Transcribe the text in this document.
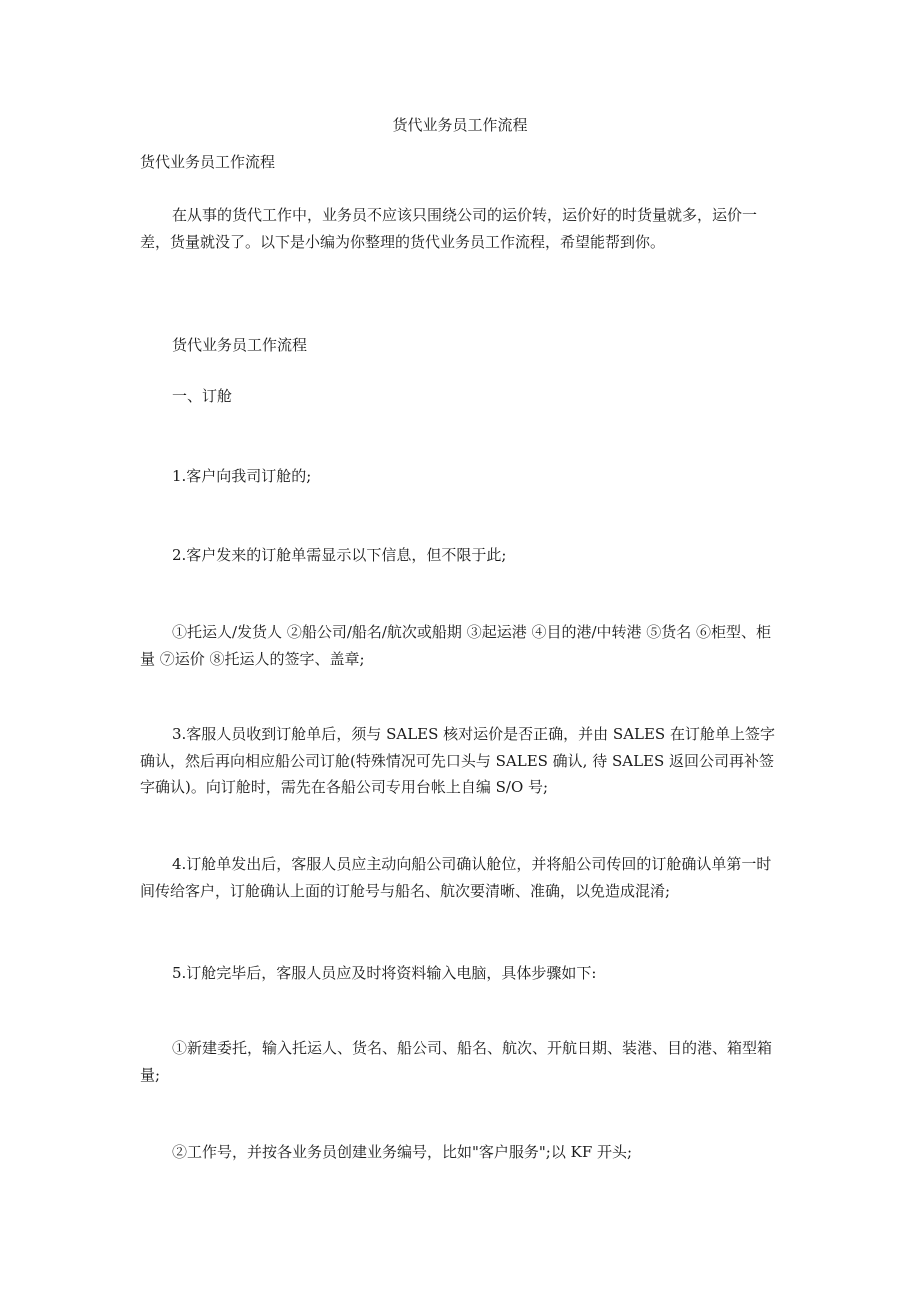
货代业务员工作流程
货代业务员工作流程

在从事的货代工作中，业务员不应该只围绕公司的运价转，运价好的时货量就多，运价一差，货量就没了。以下是小编为你整理的货代业务员工作流程，希望能帮到你。

货代业务员工作流程
一、订舱
1.客户向我司订舱的;
2.客户发来的订舱单需显示以下信息，但不限于此;

①托运人/发货人 ②船公司/船名/航次或船期 ③起运港 ④目的港/中转港 ⑤货名 ⑥柜型、柜量 ⑦运价 ⑧托运人的签字、盖章;

3.客服人员收到订舱单后，须与 SALES 核对运价是否正确，并由 SALES 在订舱单上签字确认，然后再向相应船公司订舱(特殊情况可先口头与 SALES 确认, 待 SALES 返回公司再补签字确认)。向订舱时，需先在各船公司专用台帐上自编 S/O 号;

4.订舱单发出后，客服人员应主动向船公司确认舱位，并将船公司传回的订舱确认单第一时间传给客户，订舱确认上面的订舱号与船名、航次要清晰、准确，以免造成混淆;

5.订舱完毕后，客服人员应及时将资料输入电脑，具体步骤如下:

①新建委托，输入托运人、货名、船公司、船名、航次、开航日期、装港、目的港、箱型箱量;

②工作号，并按各业务员创建业务编号，比如"客户服务";以 KF 开头;
